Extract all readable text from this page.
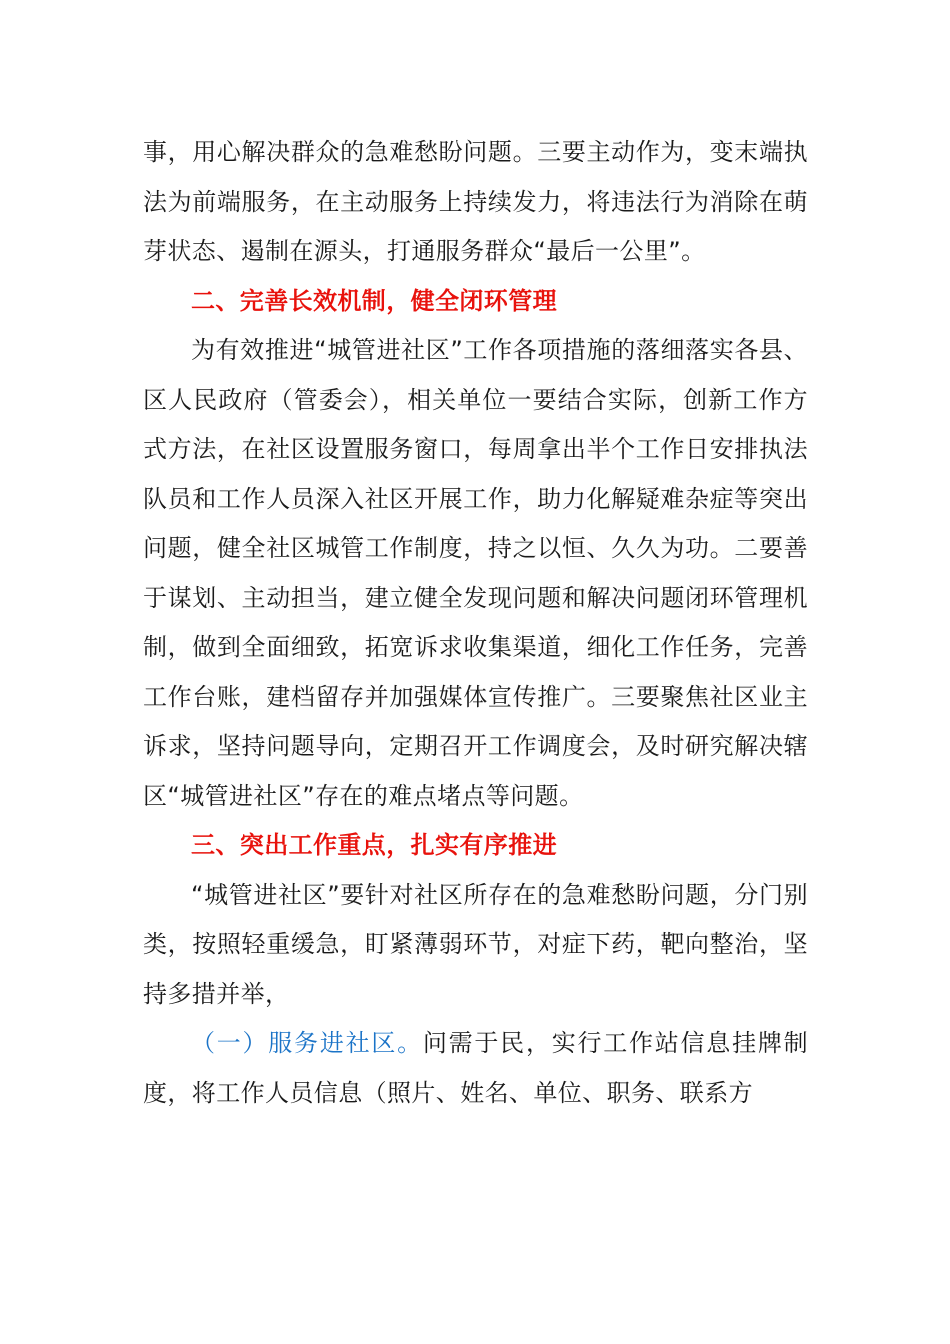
事，用心解决群众的急难愁盼问题。三要主动作为，变末端执法为前端服务，在主动服务上持续发力，将违法行为消除在萌芽状态、遏制在源头，打通服务群众“最后一公里”。

二、完善长效机制，健全闭环管理

为有效推进“城管进社区”工作各项措施的落细落实各县、区人民政府（管委会），相关单位一要结合实际，创新工作方式方法，在社区设置服务窗口，每周拿出半个工作日安排执法队员和工作人员深入社区开展工作，助力化解疑难杂症等突出问题，健全社区城管工作制度，持之以恒、久久为功。二要善于谋划、主动担当，建立健全发现问题和解决问题闭环管理机制，做到全面细致，拓宽诉求收集渠道，细化工作任务，完善工作台账，建档留存并加强媒体宣传推广。三要聚焦社区业主诉求，坚持问题导向，定期召开工作调度会，及时研究解决辖区“城管进社区”存在的难点堵点等问题。

三、突出工作重点，扎实有序推进

“城管进社区”要针对社区所存在的急难愁盼问题，分门别类，按照轻重缓急，盯紧薄弱环节，对症下药，靶向整治，坚持多措并举，

（一）服务进社区。问需于民，实行工作站信息挂牌制度，将工作人员信息（照片、姓名、单位、职务、联系方
